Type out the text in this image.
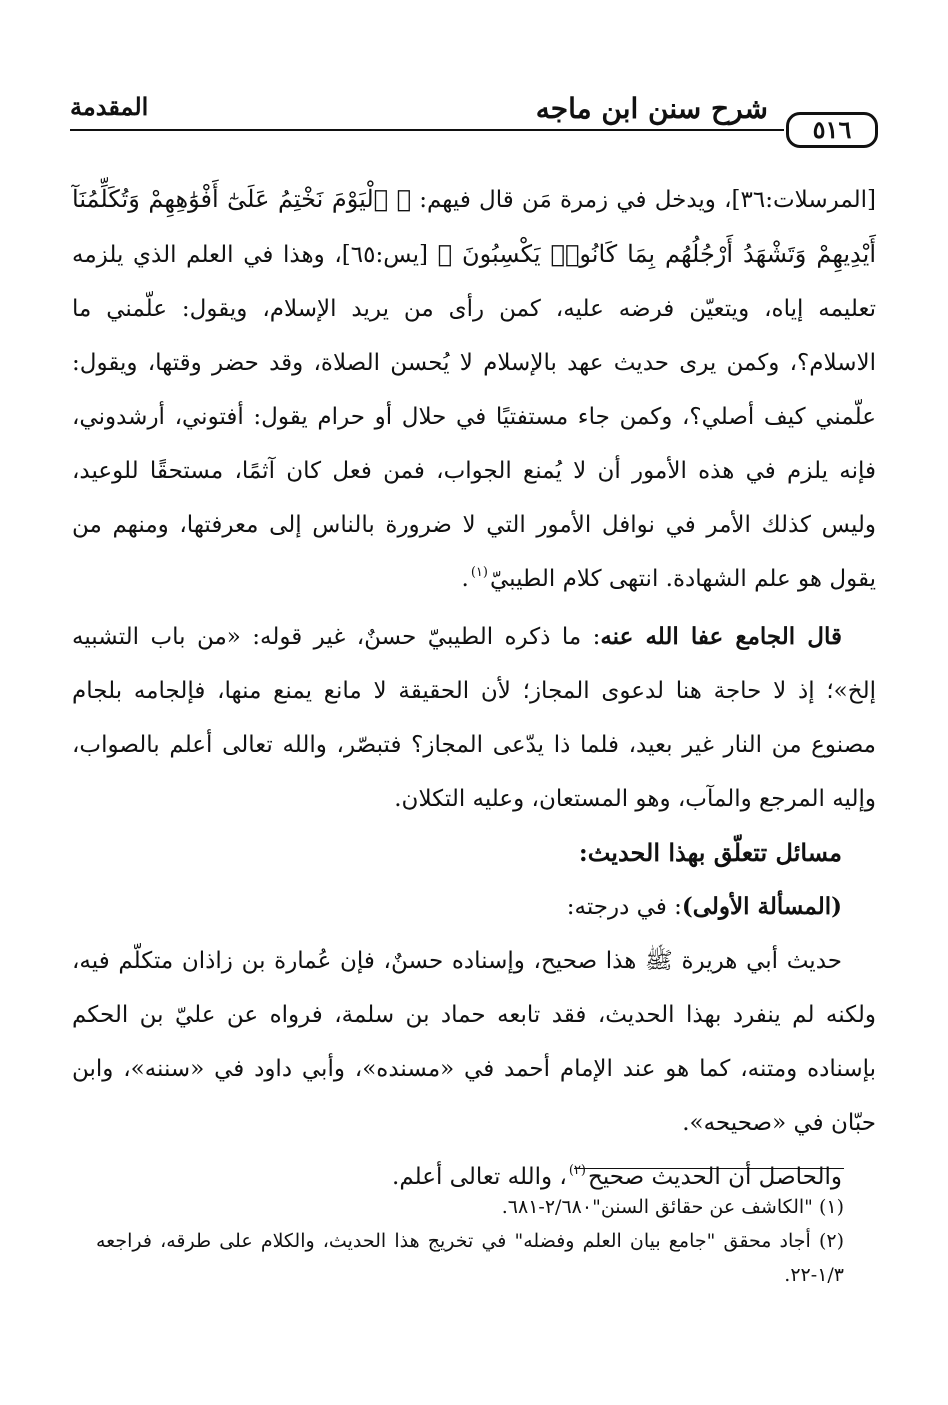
٥١٦
شرح سنن ابن ماجه
المقدمة

[المرسلات:٣٦]، ويدخل في زمرة مَن قال فيهم: ﴿ ٱلْيَوْمَ نَخْتِمُ عَلَىٰٓ أَفْوَٰهِهِمْ وَتُكَلِّمُنَآ أَيْدِيهِمْ وَتَشْهَدُ أَرْجُلُهُم بِمَا كَانُوا۟ يَكْسِبُونَ ﴾ [يس:٦٥]، وهذا في العلم الذي يلزمه تعليمه إياه، ويتعيّن فرضه عليه، كمن رأى من يريد الإسلام، ويقول: علّمني ما الاسلام؟، وكمن يرى حديث عهد بالإسلام لا يُحسن الصلاة، وقد حضر وقتها، ويقول: علّمني كيف أصلي؟، وكمن جاء مستفتيًا في حلال أو حرام يقول: أفتوني، أرشدوني، فإنه يلزم في هذه الأمور أن لا يُمنع الجواب، فمن فعل كان آثمًا، مستحقًا للوعيد، وليس كذلك الأمر في نوافل الأمور التي لا ضرورة بالناس إلى معرفتها، ومنهم من يقول هو علم الشهادة. انتهى كلام الطيبيّ$^{(١)}$.

قال الجامع عفا الله عنه: ما ذكره الطيبيّ حسنٌ، غير قوله: «من باب التشبيه إلخ»؛ إذ لا حاجة هنا لدعوى المجاز؛ لأن الحقيقة لا مانع يمنع منها، فإلجامه بلجام مصنوع من النار غير بعيد، فلما ذا يدّعى المجاز؟ فتبصّر، والله تعالى أعلم بالصواب، وإليه المرجع والمآب، وهو المستعان، وعليه التكلان.

مسائل تتعلّق بهذا الحديث:

(المسألة الأولى): في درجته:

حديث أبي هريرة ﷺ هذا صحيح، وإسناده حسنٌ، فإن عُمارة بن زاذان متكلّم فيه، ولكنه لم ينفرد بهذا الحديث، فقد تابعه حماد بن سلمة، فرواه عن عليّ بن الحكم بإسناده ومتنه، كما هو عند الإمام أحمد في «مسنده»، وأبي داود في «سننه»، وابن حبّان في «صحيحه».

والحاصل أن الحديث صحيح$^{(٢)}$، والله تعالى أعلم.

(١) "الكاشف عن حقائق السنن"٢/٦٨٠-٦٨١.

(٢) أجاد محقق "جامع بيان العلم وفضله" في تخريج هذا الحديث، والكلام على طرقه، فراجعه ١/٣-٢٢.
